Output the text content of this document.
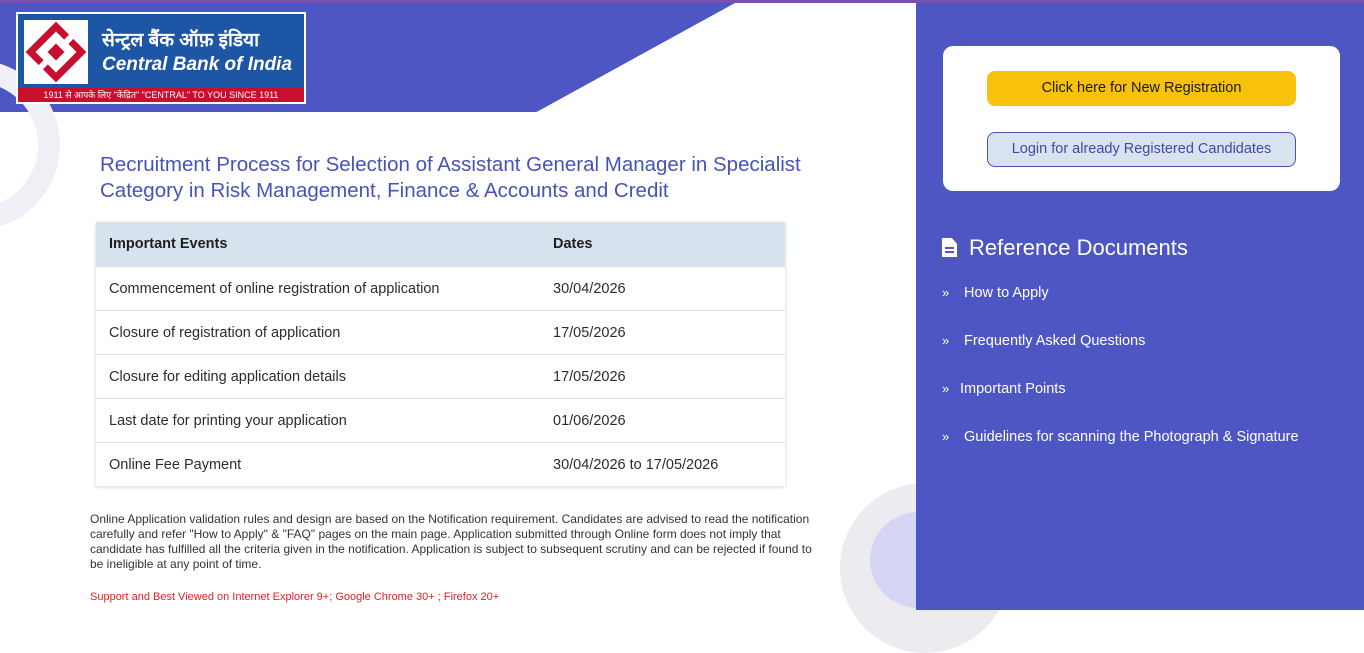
सेन्ट्रल बैंक ऑफ़ इंडिया
Central Bank of India
1911 से आपके लिए "केंद्रित" "CENTRAL" TO YOU SINCE 1911
Recruitment Process for Selection of Assistant General Manager in Specialist Category in Risk Management, Finance & Accounts and Credit
Important Events	Dates
Commencement of online registration of application	30/04/2026
Closure of registration of application	17/05/2026
Closure for editing application details	17/05/2026
Last date for printing your application	01/06/2026
Online Fee Payment	30/04/2026 to 17/05/2026
Online Application validation rules and design are based on the Notification requirement. Candidates are advised to read the notification carefully and refer "How to Apply" & "FAQ" pages on the main page. Application submitted through Online form does not imply that candidate has fulfilled all the criteria given in the notification. Application is subject to subsequent scrutiny and can be rejected if found to be ineligible at any point of time.
Support and Best Viewed on Internet Explorer 9+; Google Chrome 30+ ; Firefox 20+
Click here for New Registration
Login for already Registered Candidates
Reference Documents
» How to Apply
» Frequently Asked Questions
» Important Points
» Guidelines for scanning the Photograph & Signature
